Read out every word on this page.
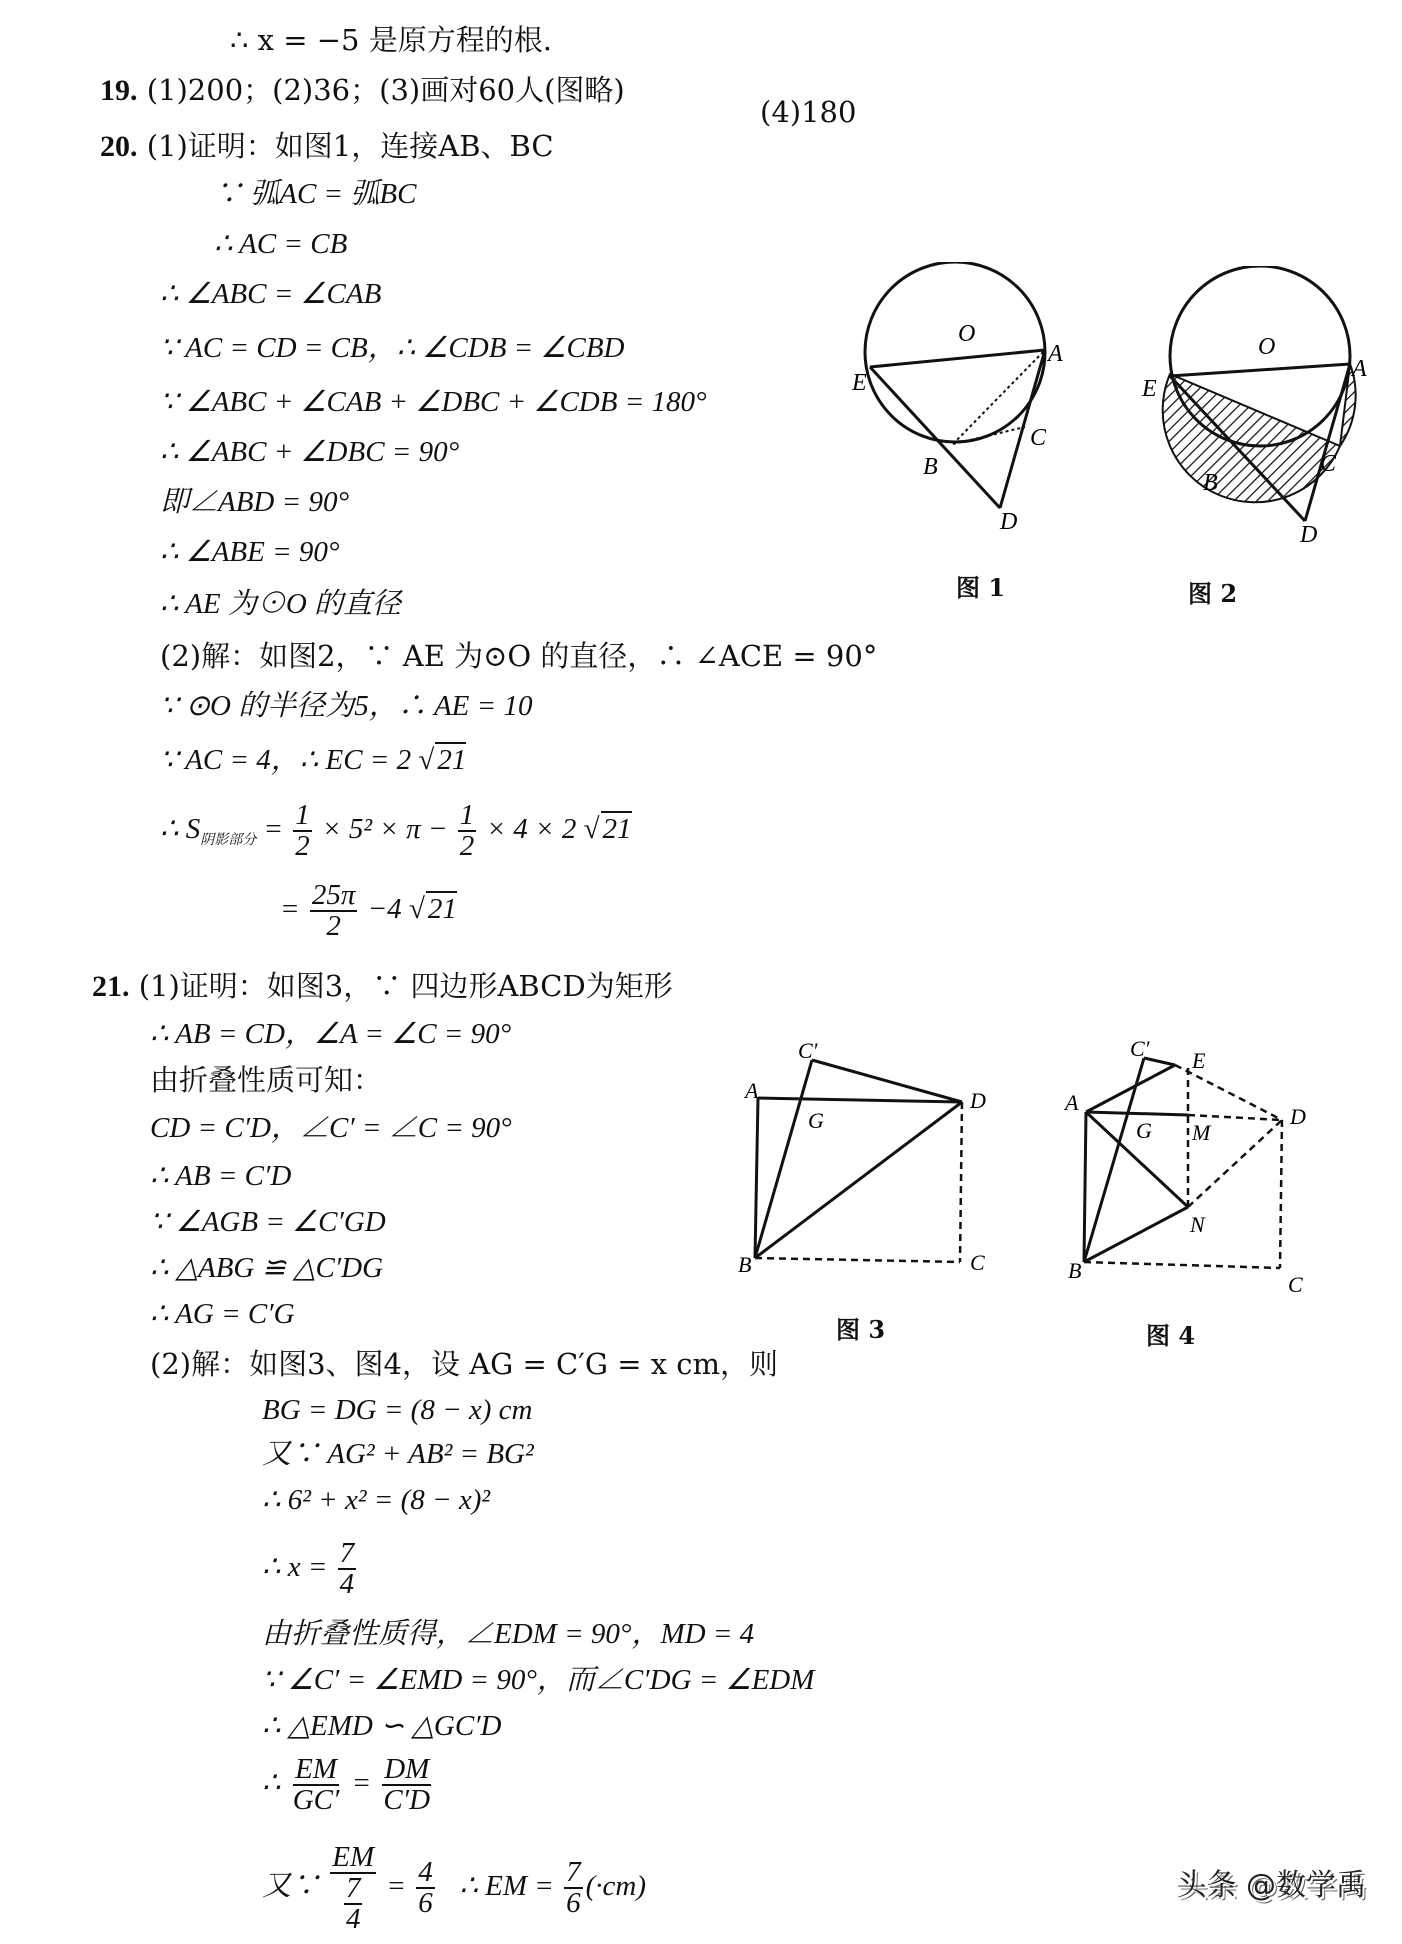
∴ x = −5 是原方程的根.
19. (1)200；(2)36；(3)画对60人(图略)
(4)180
20. (1)证明：如图1，连接AB、BC
∵ 弧AC = 弧BC
∴ AC = CB
∴ ∠ABC = ∠CAB
∵ AC = CD = CB，∴ ∠CDB = ∠CBD
∵ ∠ABC + ∠CAB + ∠DBC + ∠CDB = 180°
∴ ∠ABC + ∠DBC = 90°
即∠ABD = 90°
∴ ∠ABE = 90°
∴ AE 为⊙O 的直径
(2)解：如图2，∵ AE 为⊙O 的直径，∴ ∠ACE = 90°
∵ ⊙O 的半径为5，∴ AE = 10
∵ AC = 4，∴ EC = 2 √ 21
∴ $S_{阴影部分} = \frac{1}{2} \times 5^2 \times \pi - \frac{1}{2} \times 4 \times 2$ √ 21
= $\frac{25\pi}{2} -4$ √ 21
21. (1)证明：如图3，∵ 四边形ABCD为矩形
∴ AB = CD，∠A = ∠C = 90°
由折叠性质可知：
CD = C′D，∠C′ = ∠C = 90°
∴ AB = C′D
∵ ∠AGB = ∠C′GD
∴ △ABG ≌ △C′DG
∴ AG = C′G
(2)解：如图3、图4，设 AG = C′G = x cm，则
BG = DG = (8 − x) cm
又∵ AG² + AB² = BG²
∴ 6² + x² = (8 − x)²
∴ $x = \frac{7}{4}$
由折叠性质得，∠EDM = 90°，MD = 4
∵ ∠C′ = ∠EMD = 90°，而∠C′DG = ∠EDM
∴ △EMD ∽ △GC′D
∴ $\frac{EM}{GC'} = \frac{DM}{C'D}$
又∵ $\frac{EM}{\frac{7}{4}} = \frac{4}{6}$ ∴ EM = $\frac{7}{6} (\cdot cm)$
O
A
E
B
C
D
图 1
O
A
E
B
C
D
图 2
C′
A
G
D
B	C
图 3
C′ E
A
G M
D
N
B
C
图 4
头条 @数学禹
